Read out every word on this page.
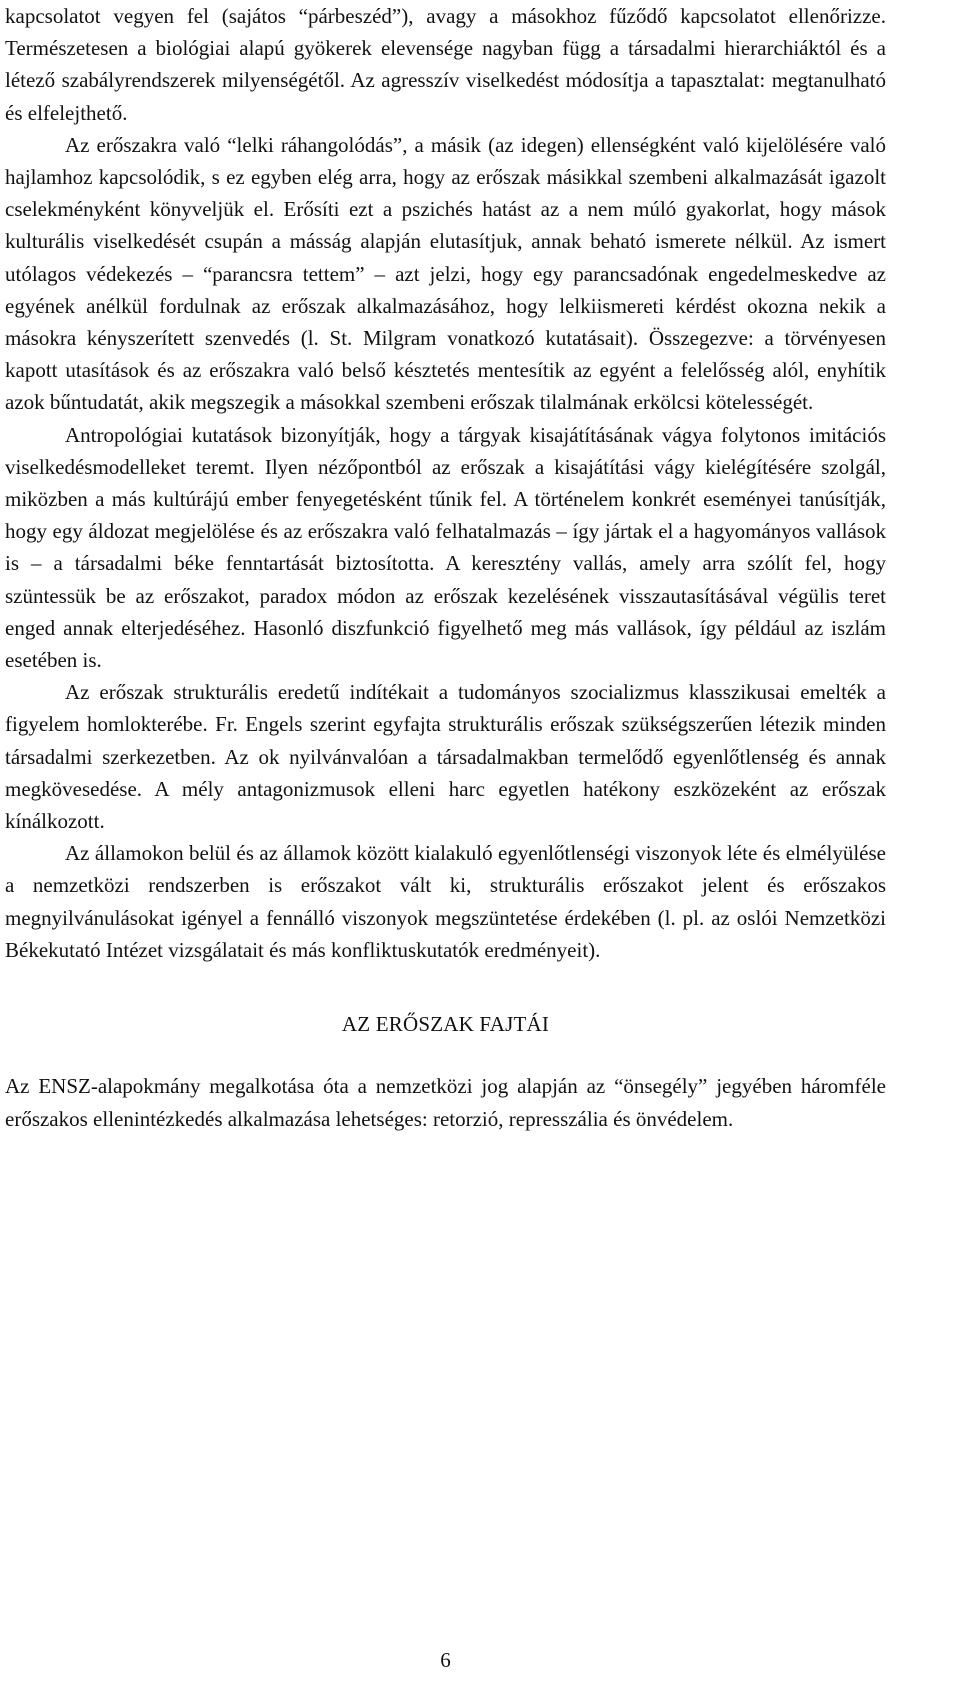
kapcsolatot vegyen fel (sajátos “párbeszéd”), avagy a másokhoz fűződő kapcsolatot ellenőrizze. Természetesen a biológiai alapú gyökerek elevensége nagyban függ a társadalmi hierarchiáktól és a létező szabályrendszerek milyenségétől. Az agresszív viselkedést módosítja a tapasztalat: megtanulható és elfelejthető.

Az erőszakra való “lelki ráhangolódás”, a másik (az idegen) ellenségként való kijelölésére való hajlamhoz kapcsolódik, s ez egyben elég arra, hogy az erőszak másikkal szembeni alkalmazását igazolt cselekményként könyveljük el. Erősíti ezt a pszichés hatást az a nem múló gyakorlat, hogy mások kulturális viselkedését csupán a másság alapján elutasítjuk, annak beható ismerete nélkül. Az ismert utólagos védekezés – “parancsra tettem” – azt jelzi, hogy egy parancsadónak engedelmeskedve az egyének anélkül fordulnak az erőszak alkalmazásához, hogy lelkiismereti kérdést okozna nekik a másokra kényszerített szenvedés (l. St. Milgram vonatkozó kutatásait). Összegezve: a törvényesen kapott utasítások és az erőszakra való belső késztetés mentesítik az egyént a felelősség alól, enyhítik azok bűntudatát, akik megszegik a másokkal szembeni erőszak tilalmának erkölcsi kötelességét.

Antropológiai kutatások bizonyítják, hogy a tárgyak kisajátításának vágya folytonos imitációs viselkedésmodelleket teremt. Ilyen nézőpontból az erőszak a kisajátítási vágy kielégítésére szolgál, miközben a más kultúrájú ember fenyegetésként tűnik fel. A történelem konkrét eseményei tanúsítják, hogy egy áldozat megjelölése és az erőszakra való felhatalmazás – így jártak el a hagyományos vallások is – a társadalmi béke fenntartását biztosította. A keresztény vallás, amely arra szólít fel, hogy szüntessük be az erőszakot, paradox módon az erőszak kezelésének visszautasításával végülis teret enged annak elterjedéséhez. Hasonló diszfunkció figyelhető meg más vallások, így például az iszlám esetében is.

Az erőszak strukturális eredetű indítékait a tudományos szocializmus klasszikusai emelték a figyelem homlokterébe. Fr. Engels szerint egyfajta strukturális erőszak szükségszerűen létezik minden társadalmi szerkezetben. Az ok nyilvánvalóan a társadalmakban termelődő egyenlőtlenség és annak megkövesedése. A mély antagonizmusok elleni harc egyetlen hatékony eszközeként az erőszak kínálkozott.

Az államokon belül és az államok között kialakuló egyenlőtlenségi viszonyok léte és elmélyülése a nemzetközi rendszerben is erőszakot vált ki, strukturális erőszakot jelent és erőszakos megnyilvánulásokat igényel a fennálló viszonyok megszüntetése érdekében (l. pl. az oslói Nemzetközi Békekutató Intézet vizsgálatait és más konfliktuskutatók eredményeit).

AZ ERŐSZAK FAJTÁI

Az ENSZ-alapokmány megalkotása óta a nemzetközi jog alapján az “önsegély” jegyében háromféle erőszakos ellenintézkedés alkalmazása lehetséges: retorzió, represszália és önvédelem.

6
